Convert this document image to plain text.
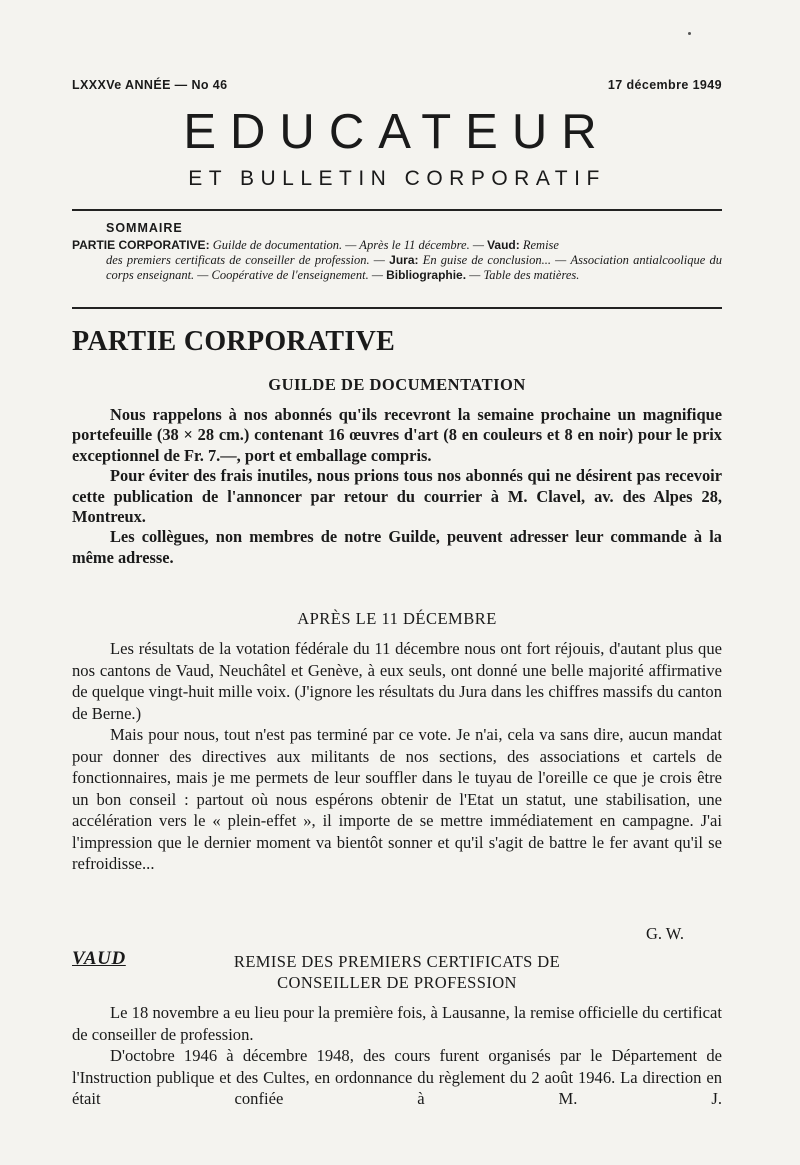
LXXXVe ANNÉE — No 46	17 décembre 1949
EDUCATEUR
ET BULLETIN CORPORATIF
SOMMAIRE
PARTIE CORPORATIVE: Guilde de documentation. — Après le 11 décembre. — Vaud: Remise
des premiers certificats de conseiller de profession. — Jura: En guise de conclusion... — Association antialcoolique du corps enseignant. — Coopérative de l'enseignement. — Bibliographie. — Table des matières.
PARTIE CORPORATIVE
GUILDE DE DOCUMENTATION

Nous rappelons à nos abonnés qu'ils recevront la semaine prochaine un magnifique portefeuille (38 × 28 cm.) contenant 16 œuvres d'art (8 en couleurs et 8 en noir) pour le prix exceptionnel de Fr. 7.—, port et emballage compris.

Pour éviter des frais inutiles, nous prions tous nos abonnés qui ne désirent pas recevoir cette publication de l'annoncer par retour du courrier à M. Clavel, av. des Alpes 28, Montreux.

Les collègues, non membres de notre Guilde, peuvent adresser leur commande à la même adresse.

APRÈS LE 11 DÉCEMBRE

Les résultats de la votation fédérale du 11 décembre nous ont fort réjouis, d'autant plus que nos cantons de Vaud, Neuchâtel et Genève, à eux seuls, ont donné une belle majorité affirmative de quelque vingt-huit mille voix. (J'ignore les résultats du Jura dans les chiffres massifs du canton de Berne.)

Mais pour nous, tout n'est pas terminé par ce vote. Je n'ai, cela va sans dire, aucun mandat pour donner des directives aux militants de nos sections, des associations et cartels de fonctionnaires, mais je me permets de leur souffler dans le tuyau de l'oreille ce que je crois être un bon conseil : partout où nous espérons obtenir de l'Etat un statut, une stabilisation, une accélération vers le « plein-effet », il importe de se mettre immédiatement en campagne. J'ai l'impression que le dernier moment va bientôt sonner et qu'il s'agit de battre le fer avant qu'il se refroidisse...

G. W.
VAUD	REMISE DES PREMIERS CERTIFICATS DE
CONSEILLER DE PROFESSION

Le 18 novembre a eu lieu pour la première fois, à Lausanne, la remise officielle du certificat de conseiller de profession.

D'octobre 1946 à décembre 1948, des cours furent organisés par le Département de l'Instruction publique et des Cultes, en ordonnance du règlement du 2 août 1946. La direction en était confiée à M. J.
